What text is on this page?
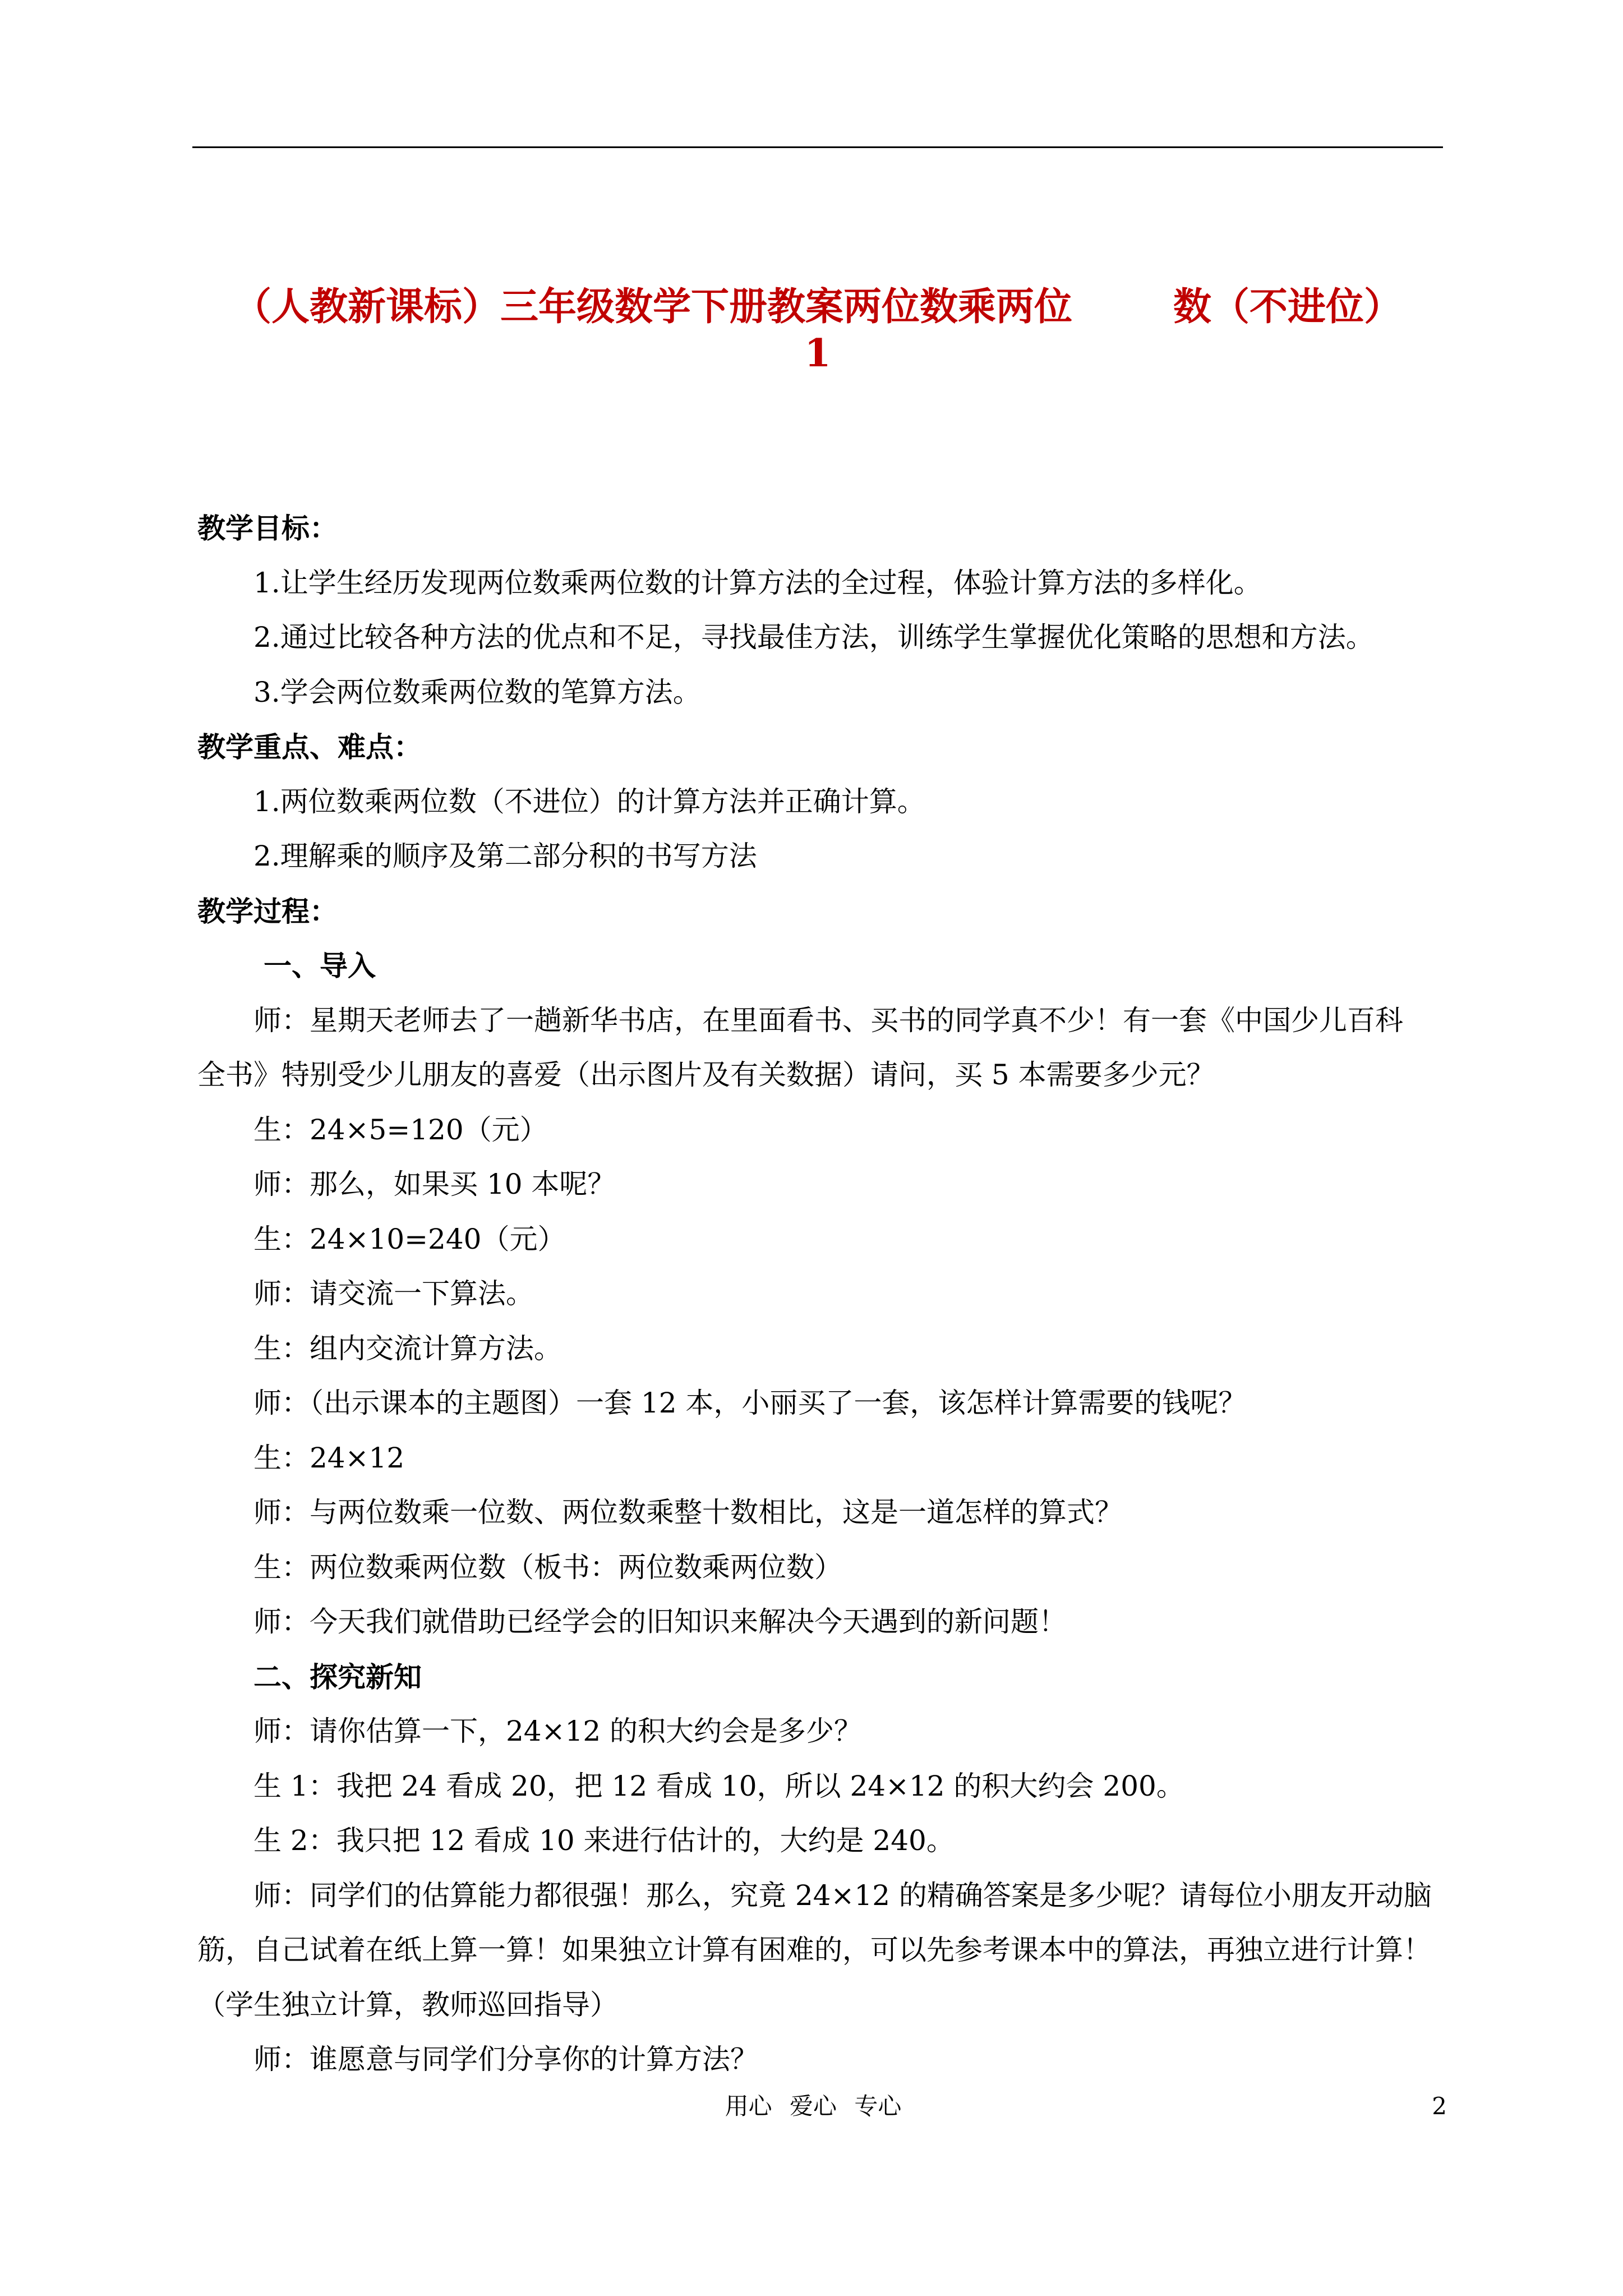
（人教新课标）三年级数学下册教案两位数乘两位	数（不进位）
1

教学目标：

1.让学生经历发现两位数乘两位数的计算方法的全过程，体验计算方法的多样化。

2.通过比较各种方法的优点和不足，寻找最佳方法，训练学生掌握优化策略的思想和方法。

3.学会两位数乘两位数的笔算方法。

教学重点、难点：

1.两位数乘两位数（不进位）的计算方法并正确计算。

2.理解乘的顺序及第二部分积的书写方法

教学过程：

一、导入

师：星期天老师去了一趟新华书店，在里面看书、买书的同学真不少！有一套《中国少儿百科

全书》特别受少儿朋友的喜爱（出示图片及有关数据）请问，买 5 本需要多少元？

生：24×5=120（元）

师：那么，如果买 10 本呢？

生：24×10=240（元）

师：请交流一下算法。

生：组内交流计算方法。

师：（出示课本的主题图）一套 12 本，小丽买了一套，该怎样计算需要的钱呢？

生：24×12

师：与两位数乘一位数、两位数乘整十数相比，这是一道怎样的算式？

生：两位数乘两位数（板书：两位数乘两位数）

师：今天我们就借助已经学会的旧知识来解决今天遇到的新问题！

二、探究新知

师：请你估算一下，24×12 的积大约会是多少？

生 1：我把 24 看成 20，把 12 看成 10，所以 24×12 的积大约会 200。

生 2：我只把 12 看成 10 来进行估计的，大约是 240。

师：同学们的估算能力都很强！那么，究竟 24×12 的精确答案是多少呢？请每位小朋友开动脑

筋，自己试着在纸上算一算！如果独立计算有困难的，可以先参考课本中的算法，再独立进行计算！

（学生独立计算，教师巡回指导）

师：谁愿意与同学们分享你的计算方法？

用心 爱心 专心	2
